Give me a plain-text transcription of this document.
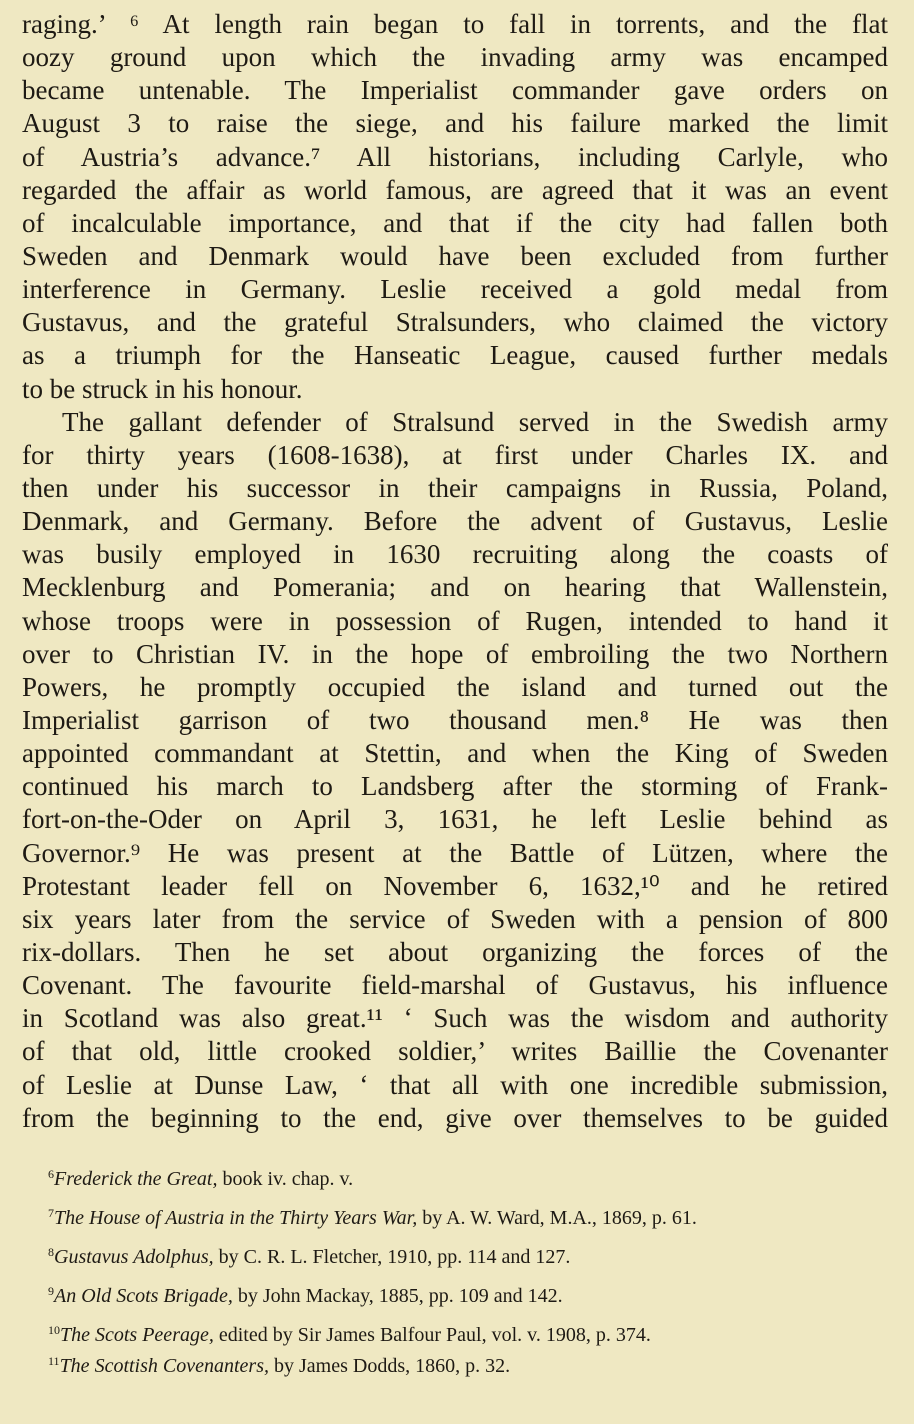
raging.’ ⁶ At length rain began to fall in torrents, and the flat
oozy ground upon which the invading army was encamped
became untenable. The Imperialist commander gave orders on
August 3 to raise the siege, and his failure marked the limit
of Austria’s advance.⁷ All historians, including Carlyle, who
regarded the affair as world famous, are agreed that it was an event
of incalculable importance, and that if the city had fallen both
Sweden and Denmark would have been excluded from further
interference in Germany. Leslie received a gold medal from
Gustavus, and the grateful Stralsunders, who claimed the victory
as a triumph for the Hanseatic League, caused further medals
to be struck in his honour.
The gallant defender of Stralsund served in the Swedish army
for thirty years (1608-1638), at first under Charles IX. and
then under his successor in their campaigns in Russia, Poland,
Denmark, and Germany. Before the advent of Gustavus, Leslie
was busily employed in 1630 recruiting along the coasts of
Mecklenburg and Pomerania; and on hearing that Wallenstein,
whose troops were in possession of Rugen, intended to hand it
over to Christian IV. in the hope of embroiling the two Northern
Powers, he promptly occupied the island and turned out the
Imperialist garrison of two thousand men.⁸ He was then
appointed commandant at Stettin, and when the King of Sweden
continued his march to Landsberg after the storming of Frank-
fort-on-the-Oder on April 3, 1631, he left Leslie behind as
Governor.⁹ He was present at the Battle of Lützen, where the
Protestant leader fell on November 6, 1632,¹⁰ and he retired
six years later from the service of Sweden with a pension of 800
rix-dollars. Then he set about organizing the forces of the
Covenant. The favourite field-marshal of Gustavus, his influence
in Scotland was also great.¹¹ ‘ Such was the wisdom and authority
of that old, little crooked soldier,’ writes Baillie the Covenanter
of Leslie at Dunse Law, ‘ that all with one incredible submission,
from the beginning to the end, give over themselves to be guided
$^6$Frederick the Great, book iv. chap. v.
$^7$The House of Austria in the Thirty Years War, by A. W. Ward, M.A., 1869, p. 61.
$^8$Gustavus Adolphus, by C. R. L. Fletcher, 1910, pp. 114 and 127.
$^9$An Old Scots Brigade, by John Mackay, 1885, pp. 109 and 142.
$^{10}$The Scots Peerage, edited by Sir James Balfour Paul, vol. v. 1908, p. 374.
$^{11}$The Scottish Covenanters, by James Dodds, 1860, p. 32.
